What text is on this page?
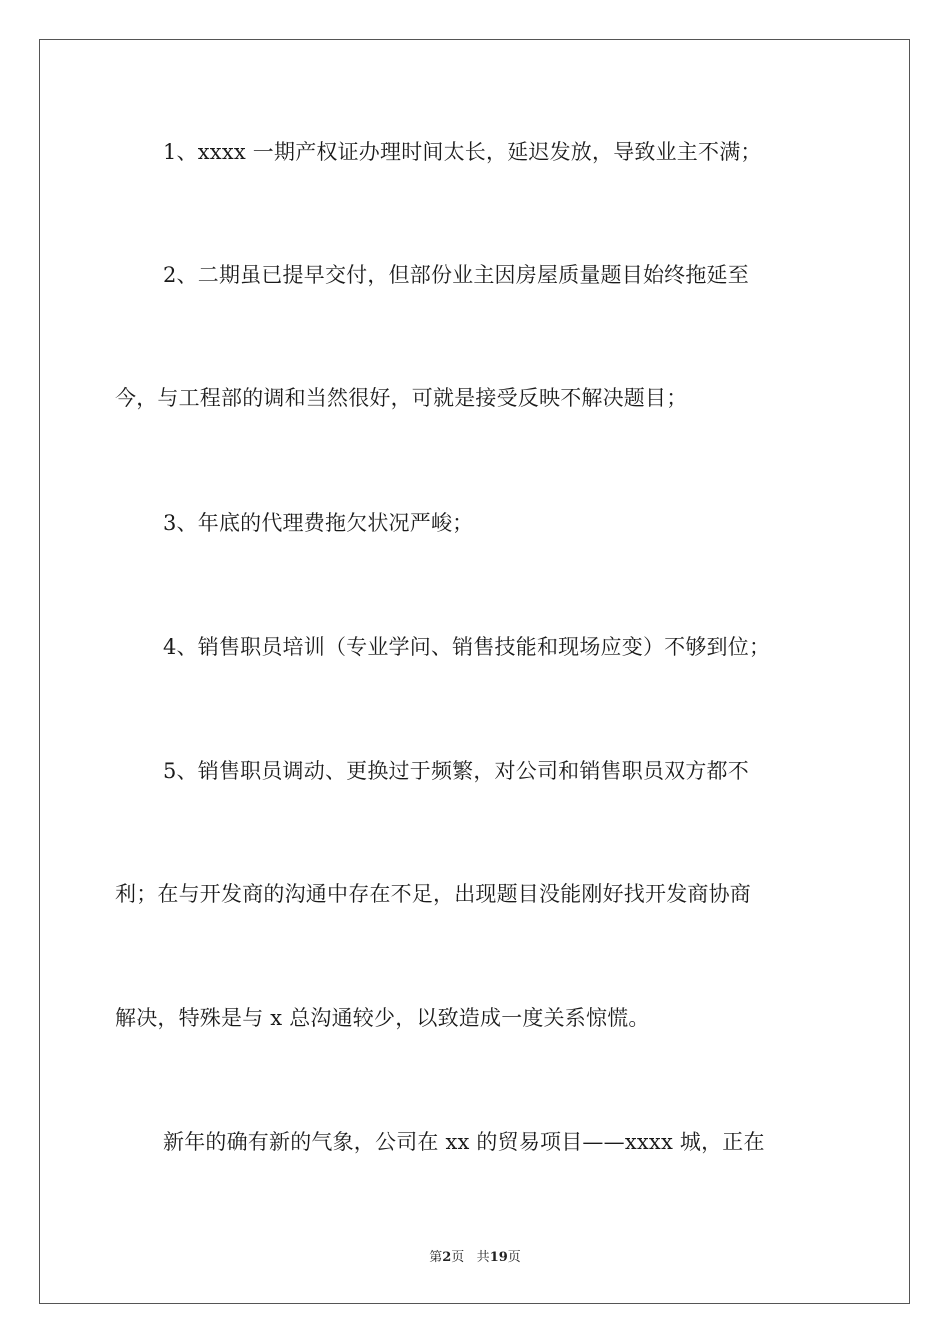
1、xxxx 一期产权证办理时间太长，延迟发放，导致业主不满；
2、二期虽已提早交付，但部份业主因房屋质量题目始终拖延至
今，与工程部的调和当然很好，可就是接受反映不解决题目；
3、年底的代理费拖欠状况严峻；
4、销售职员培训（专业学问、销售技能和现场应变）不够到位；
5、销售职员调动、更换过于频繁，对公司和销售职员双方都不
利；在与开发商的沟通中存在不足，出现题目没能刚好找开发商协商
解决，特殊是与 x 总沟通较少，以致造成一度关系惊慌。
新年的确有新的气象，公司在 xx 的贸易项目——xxxx 城，正在
第2页 共19页
